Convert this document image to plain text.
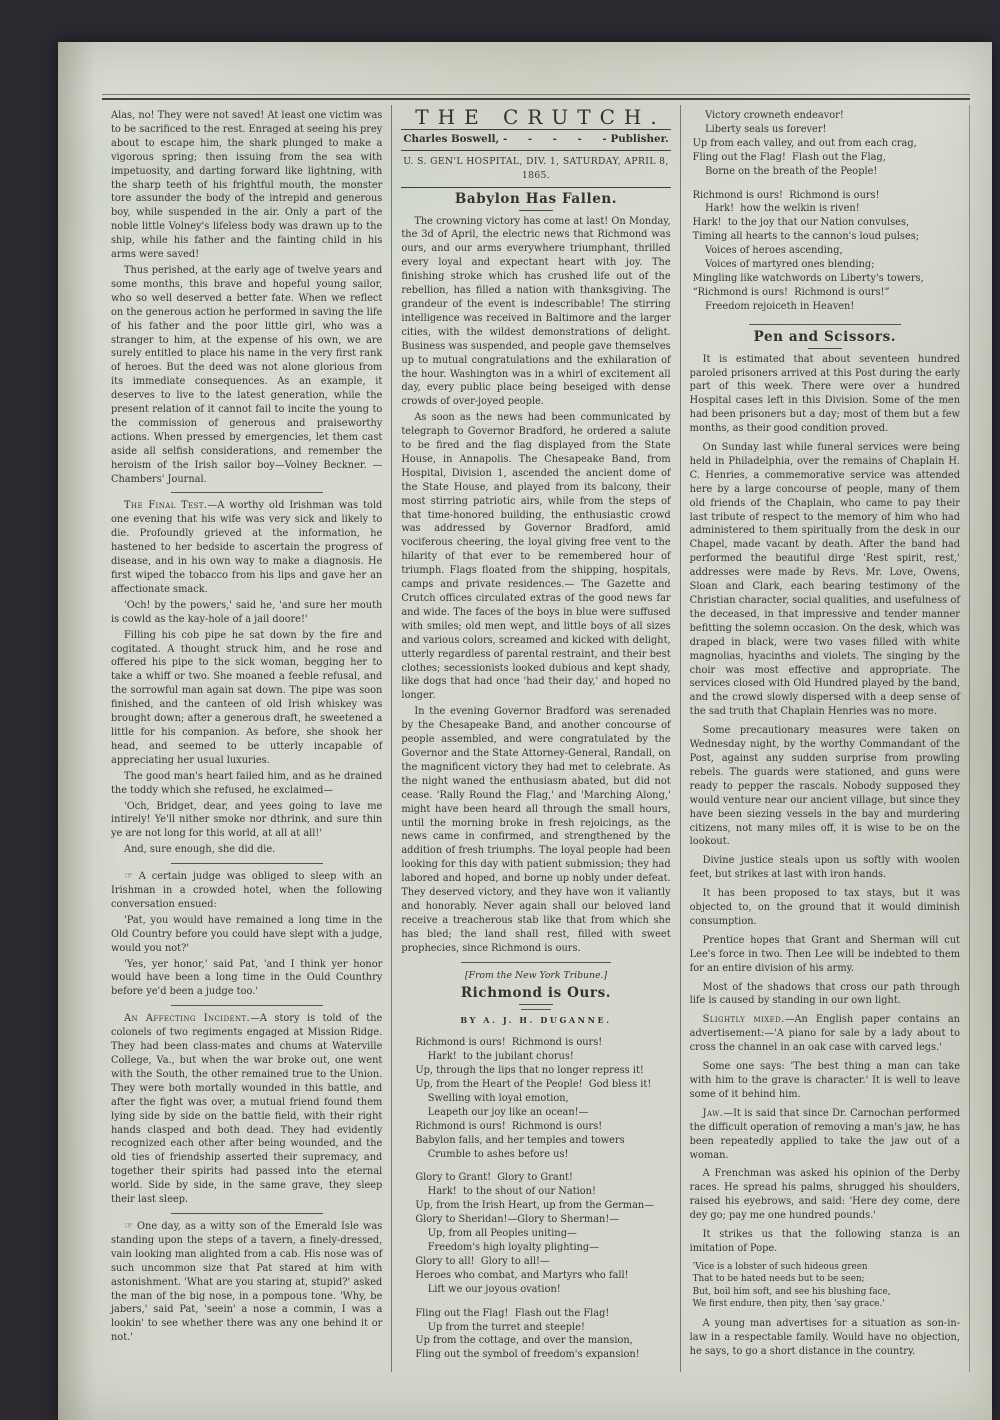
Alas, no! They were not saved! At least one victim was to be sacrificed to the rest. Enraged at seeing his prey about to escape him, the shark plunged to make a vigorous spring; then issuing from the sea with impetuosity, and darting forward like lightning, with the sharp teeth of his frightful mouth, the monster tore assunder the body of the intrepid and generous boy, while suspended in the air. Only a part of the noble little Volney's lifeless body was drawn up to the ship, while his father and the fainting child in his arms were saved!

Thus perished, at the early age of twelve years and some months, this brave and hopeful young sailor, who so well deserved a better fate. When we reflect on the generous action he performed in saving the life of his father and the poor little girl, who was a stranger to him, at the expense of his own, we are surely entitled to place his name in the very first rank of heroes. But the deed was not alone glorious from its immediate consequences. As an example, it deserves to live to the latest generation, while the present relation of it cannot fail to incite the young to the commission of generous and praiseworthy actions. When pressed by emergencies, let them cast aside all selfish considerations, and remember the heroism of the Irish sailor boy—Volney Beckner. —Chambers' Journal.

The Final Test.—A worthy old Irishman was told one evening that his wife was very sick and likely to die. Profoundly grieved at the information, he hastened to her bedside to ascertain the progress of disease, and in his own way to make a diagnosis. He first wiped the tobacco from his lips and gave her an affectionate smack.

'Och! by the powers,' said he, 'and sure her mouth is cowld as the kay-hole of a jail doore!'

Filling his cob pipe he sat down by the fire and cogitated. A thought struck him, and he rose and offered his pipe to the sick woman, begging her to take a whiff or two. She moaned a feeble refusal, and the sorrowful man again sat down. The pipe was soon finished, and the canteen of old Irish whiskey was brought down; after a generous draft, he sweetened a little for his companion. As before, she shook her head, and seemed to be utterly incapable of appreciating her usual luxuries.

The good man's heart failed him, and as he drained the toddy which she refused, he exclaimed—

'Och, Bridget, dear, and yees going to lave me intirely! Ye'll nither smoke nor dthrink, and sure thin ye are not long for this world, at all at all!'

And, sure enough, she did die.

☞ A certain judge was obliged to sleep with an Irishman in a crowded hotel, when the following conversation ensued:

'Pat, you would have remained a long time in the Old Country before you could have slept with a judge, would you not?'

'Yes, yer honor,' said Pat, 'and I think yer honor would have been a long time in the Ould Counthry before ye'd been a judge too.'

An Affecting Incident.—A story is told of the colonels of two regiments engaged at Mission Ridge. They had been class-mates and chums at Waterville College, Va., but when the war broke out, one went with the South, the other remained true to the Union. They were both mortally wounded in this battle, and after the fight was over, a mutual friend found them lying side by side on the battle field, with their right hands clasped and both dead. They had evidently recognized each other after being wounded, and the old ties of friendship asserted their supremacy, and together their spirits had passed into the eternal world. Side by side, in the same grave, they sleep their last sleep.

☞ One day, as a witty son of the Emerald Isle was standing upon the steps of a tavern, a finely-dressed, vain looking man alighted from a cab. His nose was of such uncommon size that Pat stared at him with astonishment. 'What are you staring at, stupid?' asked the man of the big nose, in a pompous tone. 'Why, be jabers,' said Pat, 'seein' a nose a commin, I was a lookin' to see whether there was any one behind it or not.'

THE CRUTCH.
Charles Boswell, - - - - - Publisher.
U. S. GEN'L HOSPITAL, DIV. 1, SATURDAY, APRIL 8, 1865.
Babylon Has Fallen.

The crowning victory has come at last! On Monday, the 3d of April, the electric news that Richmond was ours, and our arms everywhere triumphant, thrilled every loyal and expectant heart with joy. The finishing stroke which has crushed life out of the rebellion, has filled a nation with thanksgiving. The grandeur of the event is indescribable! The stirring intelligence was received in Baltimore and the larger cities, with the wildest demonstrations of delight. Business was suspended, and people gave themselves up to mutual congratulations and the exhilaration of the hour. Washington was in a whirl of excitement all day, every public place being beseiged with dense crowds of over-joyed people.

As soon as the news had been communicated by telegraph to Governor Bradford, he ordered a salute to be fired and the flag displayed from the State House, in Annapolis. The Chesapeake Band, from Hospital, Division 1, ascended the ancient dome of the State House, and played from its balcony, their most stirring patriotic airs, while from the steps of that time-honored building, the enthusiastic crowd was addressed by Governor Bradford, amid vociferous cheering, the loyal giving free vent to the hilarity of that ever to be remembered hour of triumph. Flags floated from the shipping, hospitals, camps and private residences.— The Gazette and Crutch offices circulated extras of the good news far and wide. The faces of the boys in blue were suffused with smiles; old men wept, and little boys of all sizes and various colors, screamed and kicked with delight, utterly regardless of parental restraint, and their best clothes; secessionists looked dubious and kept shady, like dogs that had once 'had their day,' and hoped no longer.

In the evening Governor Bradford was serenaded by the Chesapeake Band, and another concourse of people assembled, and were congratulated by the Governor and the State Attorney-General, Randall, on the magnificent victory they had met to celebrate. As the night waned the enthusiasm abated, but did not cease. 'Rally Round the Flag,' and 'Marching Along,' might have been heard all through the small hours, until the morning broke in fresh rejoicings, as the news came in confirmed, and strengthened by the addition of fresh triumphs. The loyal people had been looking for this day with patient submission; they had labored and hoped, and borne up nobly under defeat. They deserved victory, and they have won it valiantly and honorably. Never again shall our beloved land receive a treacherous stab like that from which she has bled; the land shall rest, filled with sweet prophecies, since Richmond is ours.

[From the New York Tribune.]
Richmond is Ours.
BY A. J. H. DUGANNE.
Richmond is ours!  Richmond is ours!
Hark!  to the jubilant chorus!
Up, through the lips that no longer repress it!
Up, from the Heart of the People!  God bless it!
Swelling with loyal emotion,
Leapeth our joy like an ocean!—
Richmond is ours!  Richmond is ours!
Babylon falls, and her temples and towers
Crumble to ashes before us!
Glory to Grant!  Glory to Grant!
Hark!  to the shout of our Nation!
Up, from the Irish Heart, up from the German—
Glory to Sheridan!—Glory to Sherman!—
Up, from all Peoples uniting—
Freedom's high loyalty plighting—
Glory to all!  Glory to all!—
Heroes who combat, and Martyrs who fall!
Lift we our joyous ovation!
Fling out the Flag!  Flash out the Flag!
Up from the turret and steeple!
Up from the cottage, and over the mansion,
Fling out the symbol of freedom's expansion!
Victory crowneth endeavor!
Liberty seals us forever!
Up from each valley, and out from each crag,
Fling out the Flag!  Flash out the Flag,
Borne on the breath of the People!
Richmond is ours!  Richmond is ours!
Hark!  how the welkin is riven!
Hark!  to the joy that our Nation convulses,
Timing all hearts to the cannon's loud pulses;
Voices of heroes ascending,
Voices of martyred ones blending;
Mingling like watchwords on Liberty's towers,
“Richmond is ours!  Richmond is ours!”
Freedom rejoiceth in Heaven!
Pen and Scissors.

It is estimated that about seventeen hundred paroled prisoners arrived at this Post during the early part of this week. There were over a hundred Hospital cases left in this Division. Some of the men had been prisoners but a day; most of them but a few months, as their good condition proved.

On Sunday last while funeral services were being held in Philadelphia, over the remains of Chaplain H. C. Henries, a commemorative service was attended here by a large concourse of people, many of them old friends of the Chaplain, who came to pay their last tribute of respect to the memory of him who had administered to them spiritually from the desk in our Chapel, made vacant by death. After the band had performed the beautiful dirge 'Rest spirit, rest,' addresses were made by Revs. Mr. Love, Owens, Sloan and Clark, each bearing testimony of the Christian character, social qualities, and usefulness of the deceased, in that impressive and tender manner befitting the solemn occasion. On the desk, which was draped in black, were two vases filled with white magnolias, hyacinths and violets. The singing by the choir was most effective and appropriate. The services closed with Old Hundred played by the band, and the crowd slowly dispersed with a deep sense of the sad truth that Chaplain Henries was no more.

Some precautionary measures were taken on Wednesday night, by the worthy Commandant of the Post, against any sudden surprise from prowling rebels. The guards were stationed, and guns were ready to pepper the rascals. Nobody supposed they would venture near our ancient village, but since they have been siezing vessels in the bay and murdering citizens, not many miles off, it is wise to be on the lookout.

Divine justice steals upon us softly with woolen feet, but strikes at last with iron hands.

It has been proposed to tax stays, but it was objected to, on the ground that it would diminish consumption.

Prentice hopes that Grant and Sherman will cut Lee's force in two. Then Lee will be indebted to them for an entire division of his army.

Most of the shadows that cross our path through life is caused by standing in our own light.

Slightly mixed.—An English paper contains an advertisement:—'A piano for sale by a lady about to cross the channel in an oak case with carved legs.'

Some one says: 'The best thing a man can take with him to the grave is character.' It is well to leave some of it behind him.

Jaw.—It is said that since Dr. Carnochan performed the difficult operation of removing a man's jaw, he has been repeatedly applied to take the jaw out of a woman.

A Frenchman was asked his opinion of the Derby races. He spread his palms, shrugged his shoulders, raised his eyebrows, and said: 'Here dey come, dere dey go; pay me one hundred pounds.'

It strikes us that the following stanza is an imitation of Pope.

'Vice is a lobster of such hideous green
That to be hated needs but to be seen;
But, boil him soft, and see his blushing face,
We first endure, then pity, then 'say grace.'

A young man advertises for a situation as son-in-law in a respectable family. Would have no objection, he says, to go a short distance in the country.
